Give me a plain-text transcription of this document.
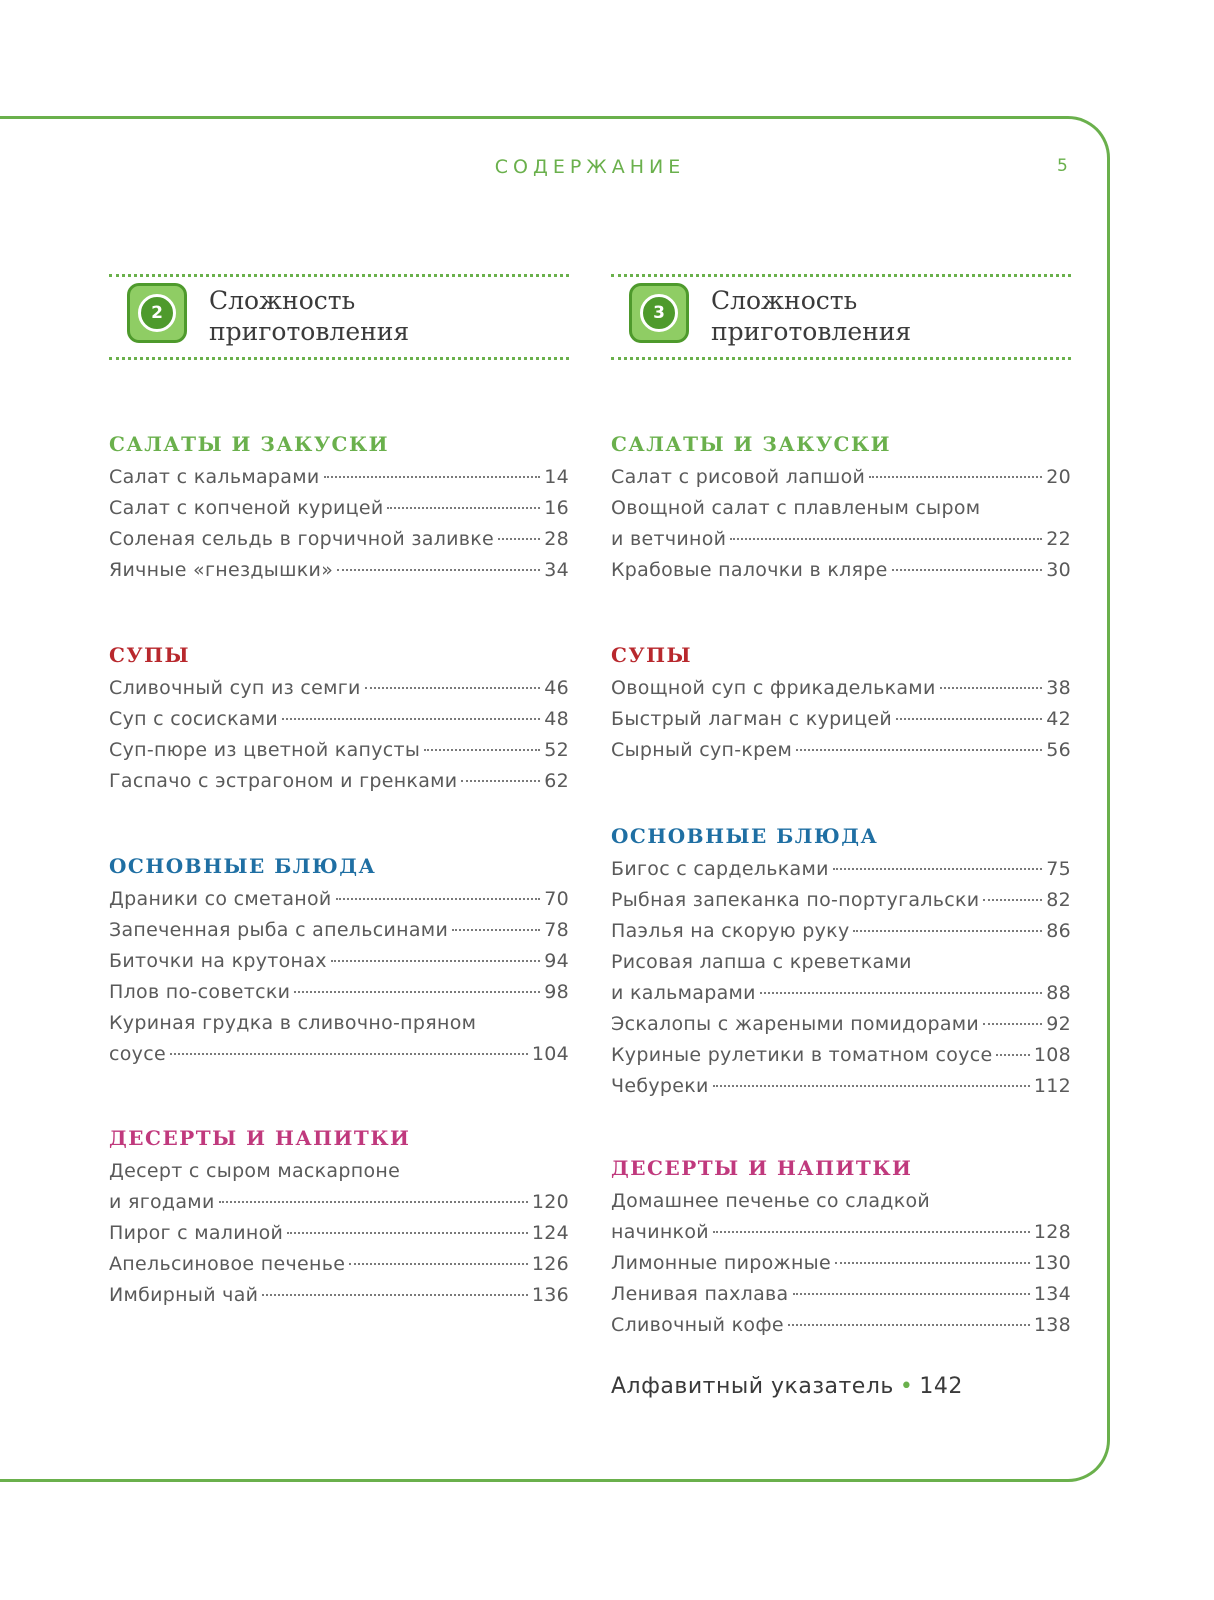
СОДЕРЖАНИЕ	5
2	Сложность
приготовления
САЛАТЫ И ЗАКУСКИ
Салат с кальмарами	14
Салат с копченой курицей	16
Соленая сельдь в горчичной заливке	28
Яичные «гнездышки»	34
СУПЫ
Сливочный суп из семги	46
Суп с сосисками	48
Суп-пюре из цветной капусты	52
Гаспачо с эстрагоном и гренками	62
ОСНОВНЫЕ БЛЮДА
Драники со сметаной	70
Запеченная рыба с апельсинами	78
Биточки на крутонах	94
Плов по-советски	98
Куриная грудка в сливочно-пряном
соусе	104
ДЕСЕРТЫ И НАПИТКИ
Десерт с сыром маскарпоне
и ягодами	120
Пирог с малиной	124
Апельсиновое печенье	126
Имбирный чай	136
3	Сложность
приготовления
САЛАТЫ И ЗАКУСКИ
Салат с рисовой лапшой	20
Овощной салат с плавленым сыром
и ветчиной	22
Крабовые палочки в кляре	30
СУПЫ
Овощной суп с фрикадельками	38
Быстрый лагман с курицей	42
Сырный суп-крем	56
ОСНОВНЫЕ БЛЮДА
Бигос с сардельками	75
Рыбная запеканка по-португальски	82
Паэлья на скорую руку	86
Рисовая лапша с креветками
и кальмарами	88
Эскалопы с жареными помидорами	92
Куриные рулетики в томатном соусе 108
Чебуреки	112
ДЕСЕРТЫ И НАПИТКИ
Домашнее печенье со сладкой
начинкой	128
Лимонные пирожные	130
Ленивая пахлава	134
Сливочный кофе	138
Алфавитный указатель • 142
